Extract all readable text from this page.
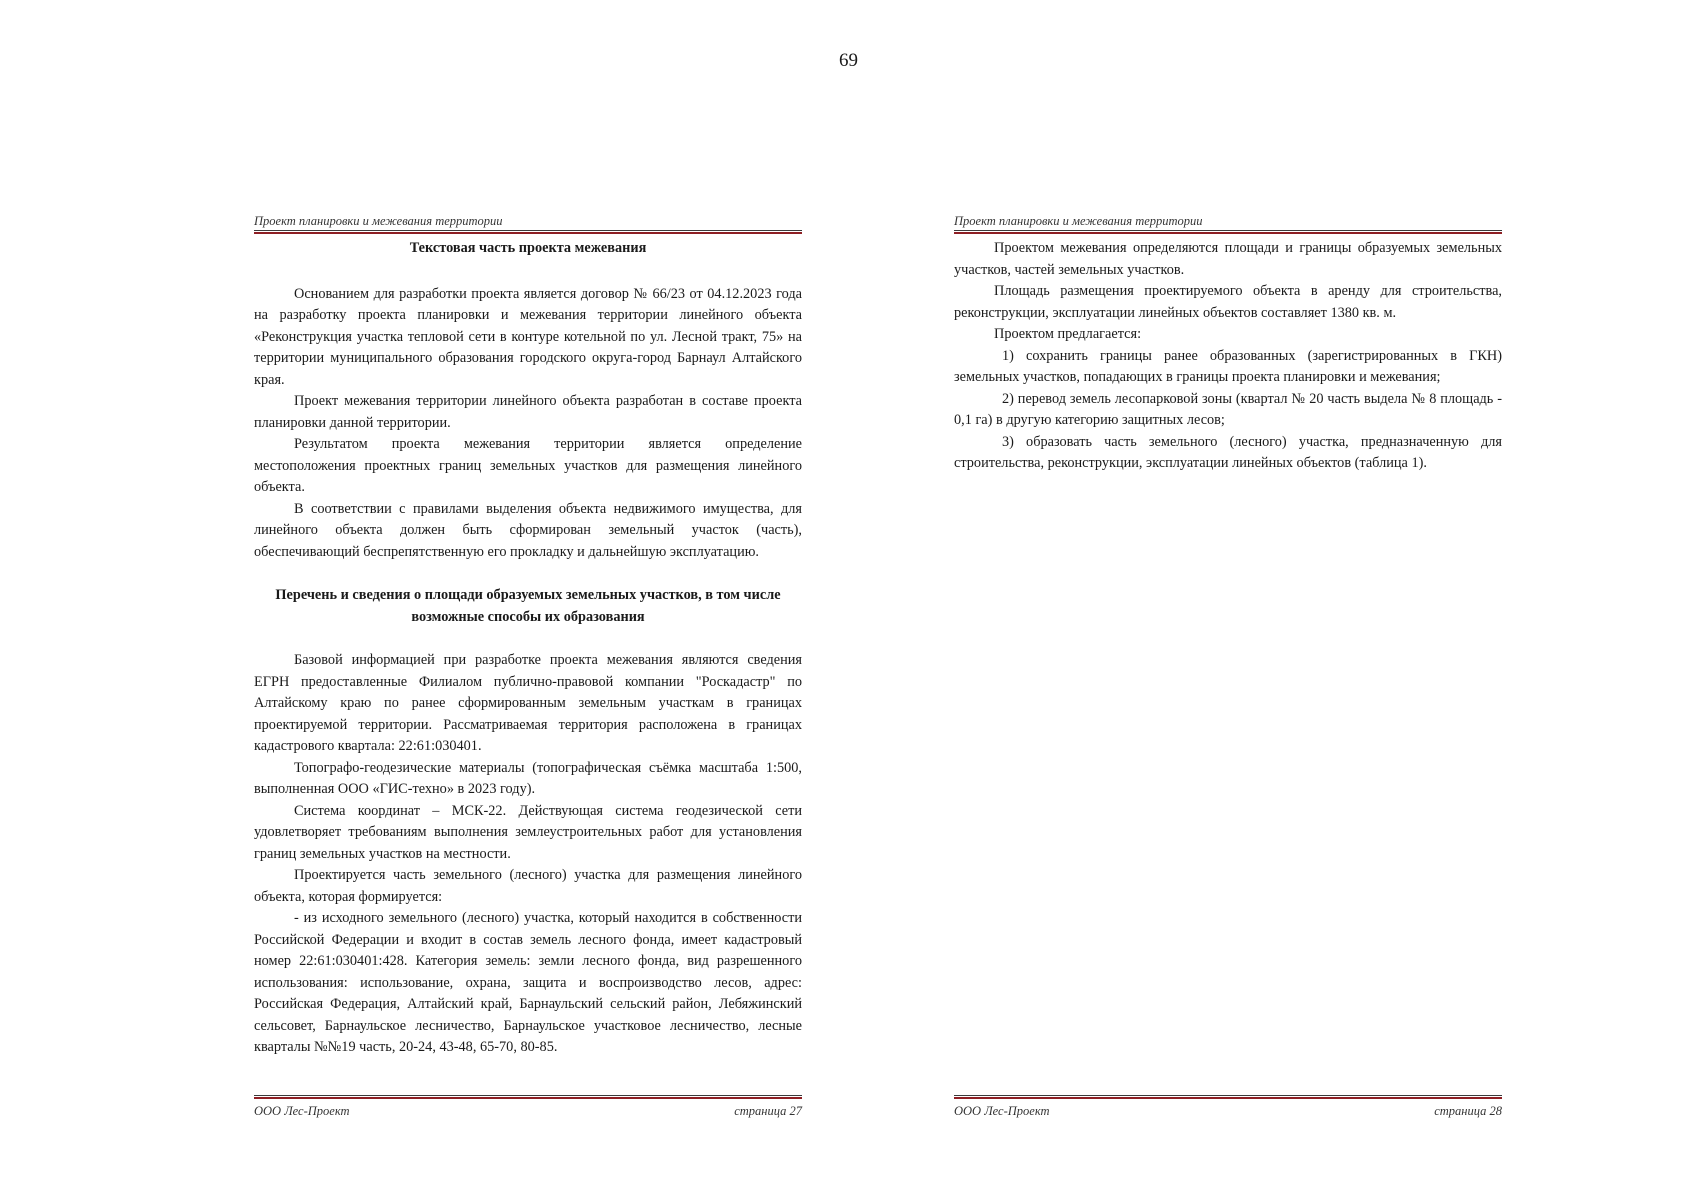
69
Проект планировки и межевания территории
Текстовая часть проекта межевания

Основанием для разработки проекта является договор № 66/23 от 04.12.2023 года на разработку проекта планировки и межевания территории линейного объекта «Реконструкция участка тепловой сети в контуре котельной по ул. Лесной тракт, 75» на территории муниципального образования городского округа-город Барнаул Алтайского края.

Проект межевания территории линейного объекта разработан в составе проекта планировки данной территории.

Результатом проекта межевания территории является определение местоположения проектных границ земельных участков для размещения линейного объекта.

В соответствии с правилами выделения объекта недвижимого имущества, для линейного объекта должен быть сформирован земельный участок (часть), обеспечивающий беспрепятственную его прокладку и дальнейшую эксплуатацию.

Перечень и сведения о площади образуемых земельных участков, в том числе возможные способы их образования

Базовой информацией при разработке проекта межевания являются сведения ЕГРН предоставленные Филиалом публично-правовой компании "Роскадастр" по Алтайскому краю по ранее сформированным земельным участкам в границах проектируемой территории. Рассматриваемая территория расположена в границах кадастрового квартала: 22:61:030401.

Топографо-геодезические материалы (топографическая съёмка масштаба 1:500, выполненная ООО «ГИС-техно» в 2023 году).

Система координат – МСК-22. Действующая система геодезической сети удовлетворяет требованиям выполнения землеустроительных работ для установления границ земельных участков на местности.

Проектируется часть земельного (лесного) участка для размещения линейного объекта, которая формируется:

- из исходного земельного (лесного) участка, который находится в собственности Российской Федерации и входит в состав земель лесного фонда, имеет кадастровый номер 22:61:030401:428. Категория земель: земли лесного фонда, вид разрешенного использования: использование, охрана, защита и воспроизводство лесов, адрес: Российская Федерация, Алтайский край, Барнаульский сельский район, Лебяжинский сельсовет, Барнаульское лесничество, Барнаульское участковое лесничество, лесные кварталы №№19 часть, 20-24, 43-48, 65-70, 80-85.

ООО Лес-Проект	страница 27
Проект планировки и межевания территории

Проектом межевания определяются площади и границы образуемых земельных участков, частей земельных участков.

Площадь размещения проектируемого объекта в аренду для строительства, реконструкции, эксплуатации линейных объектов составляет 1380 кв. м.

Проектом предлагается:

1) сохранить границы ранее образованных (зарегистрированных в ГКН) земельных участков, попадающих в границы проекта планировки и межевания;

2) перевод земель лесопарковой зоны (квартал № 20 часть выдела № 8 площадь - 0,1 га) в другую категорию защитных лесов;

3) образовать часть земельного (лесного) участка, предназначенную для строительства, реконструкции, эксплуатации линейных объектов (таблица 1).

ООО Лес-Проект	страница 28
